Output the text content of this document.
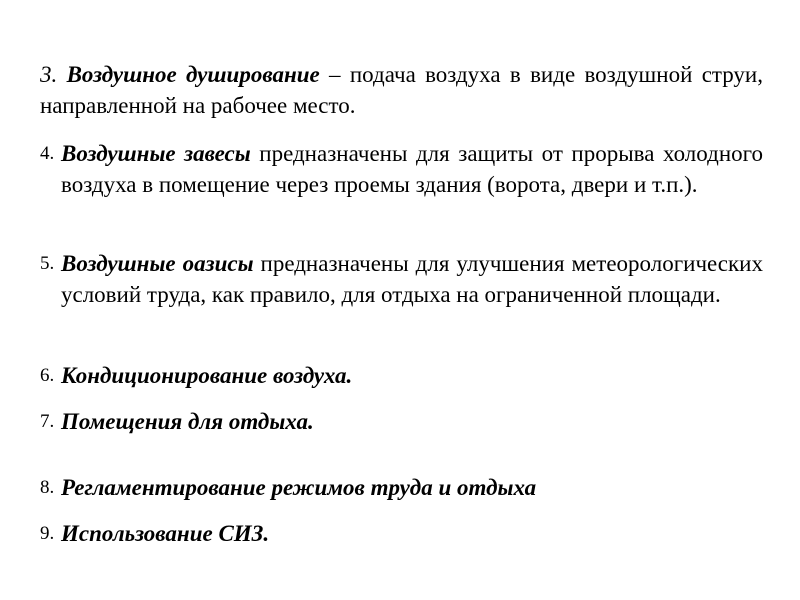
3. Воздушное душирование – подача воздуха в виде воздушной струи, направленной на рабочее место.
4. Воздушные завесы предназначены для защиты от прорыва холодного воздуха в помещение через проемы здания (ворота, двери и т.п.).
5. Воздушные оазисы предназначены для улучшения метеорологических условий труда, как правило, для отдыха на ограниченной площади.
6. Кондиционирование воздуха.
7. Помещения для отдыха.
8. Регламентирование режимов труда и отдыха
9. Использование СИЗ.
